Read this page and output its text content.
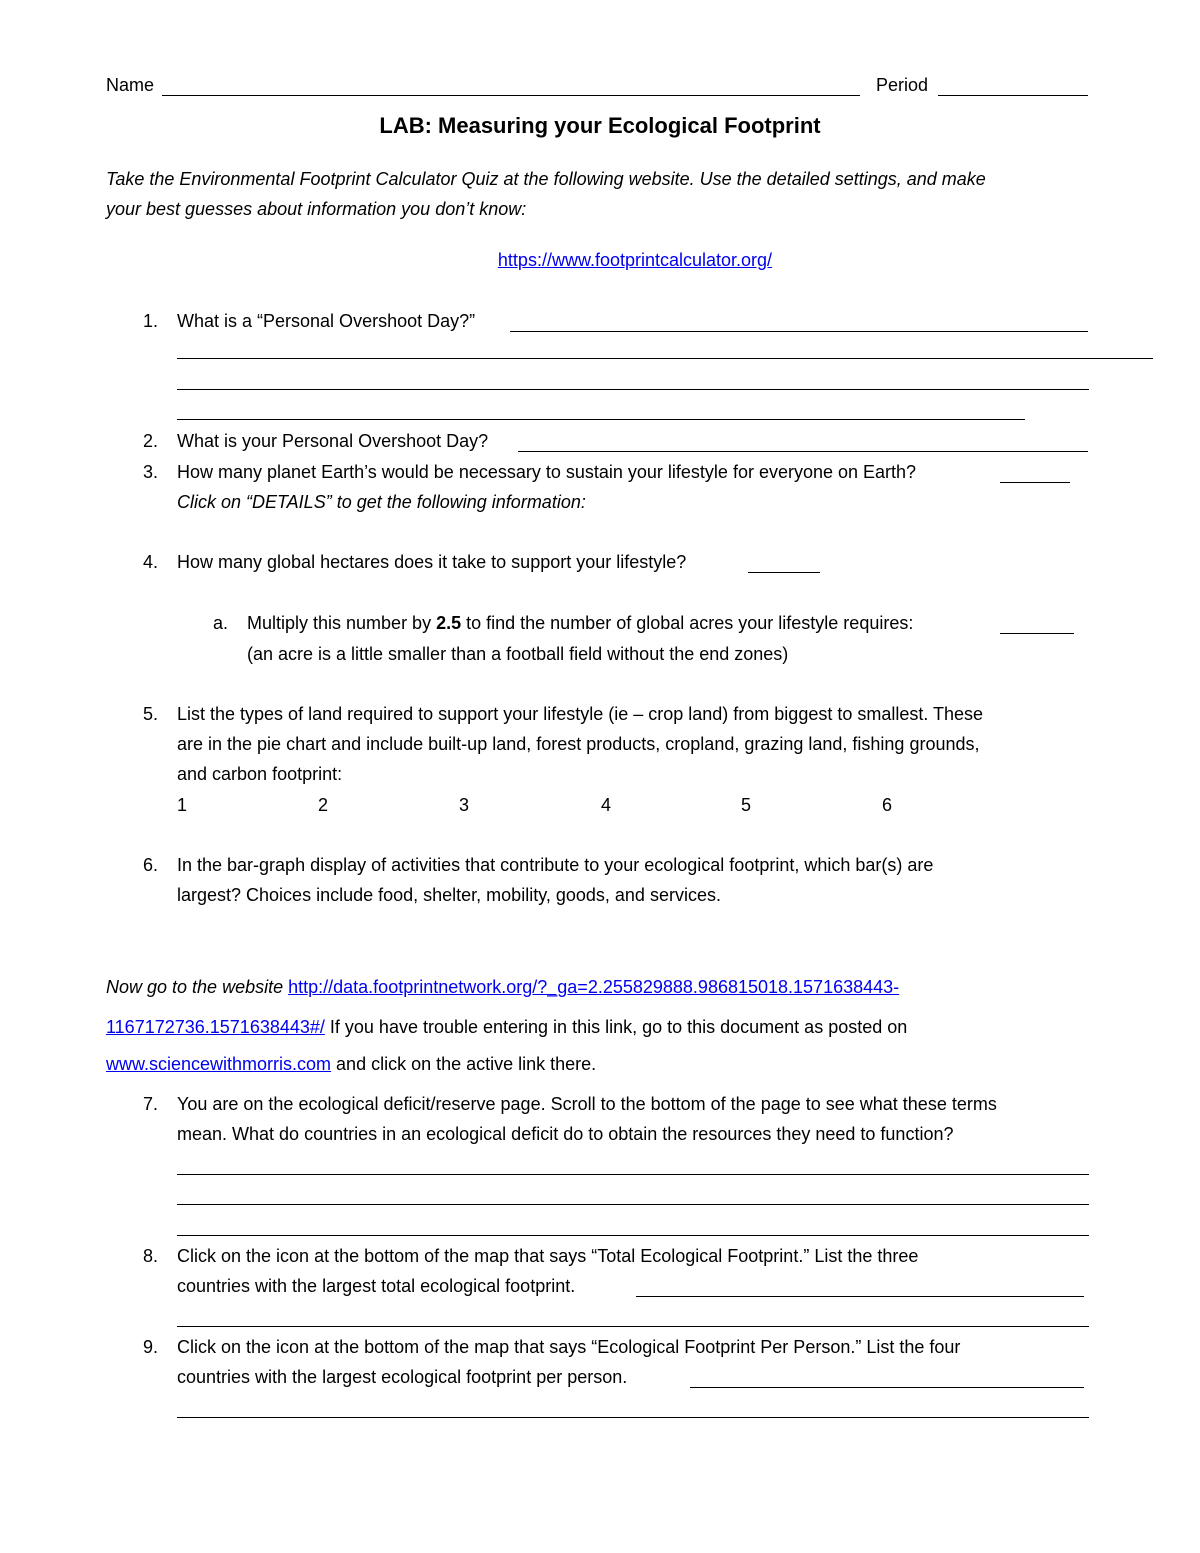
Name	Period
LAB: Measuring your Ecological Footprint
Take the Environmental Footprint Calculator Quiz at the following website. Use the detailed settings, and make
your best guesses about information you don’t know:
https://www.footprintcalculator.org/
1. What is a “Personal Overshoot Day?”
2. What is your Personal Overshoot Day?
3. How many planet Earth’s would be necessary to sustain your lifestyle for everyone on Earth?
Click on “DETAILS” to get the following information:
4. How many global hectares does it take to support your lifestyle?
a. Multiply this number by 2.5 to find the number of global acres your lifestyle requires:
(an acre is a little smaller than a football field without the end zones)
5. List the types of land required to support your lifestyle (ie – crop land) from biggest to smallest. These
are in the pie chart and include built-up land, forest products, cropland, grazing land, fishing grounds,
and carbon footprint:
1	2	3	4	5	6
6. In the bar-graph display of activities that contribute to your ecological footprint, which bar(s) are
largest? Choices include food, shelter, mobility, goods, and services.
Now go to the website http://data.footprintnetwork.org/?_ga=2.255829888.986815018.1571638443-
1167172736.1571638443#/ If you have trouble entering in this link, go to this document as posted on
www.sciencewithmorris.com and click on the active link there.
7. You are on the ecological deficit/reserve page. Scroll to the bottom of the page to see what these terms
mean. What do countries in an ecological deficit do to obtain the resources they need to function?
8. Click on the icon at the bottom of the map that says “Total Ecological Footprint.” List the three
countries with the largest total ecological footprint.
9. Click on the icon at the bottom of the map that says “Ecological Footprint Per Person.” List the four
countries with the largest ecological footprint per person.
